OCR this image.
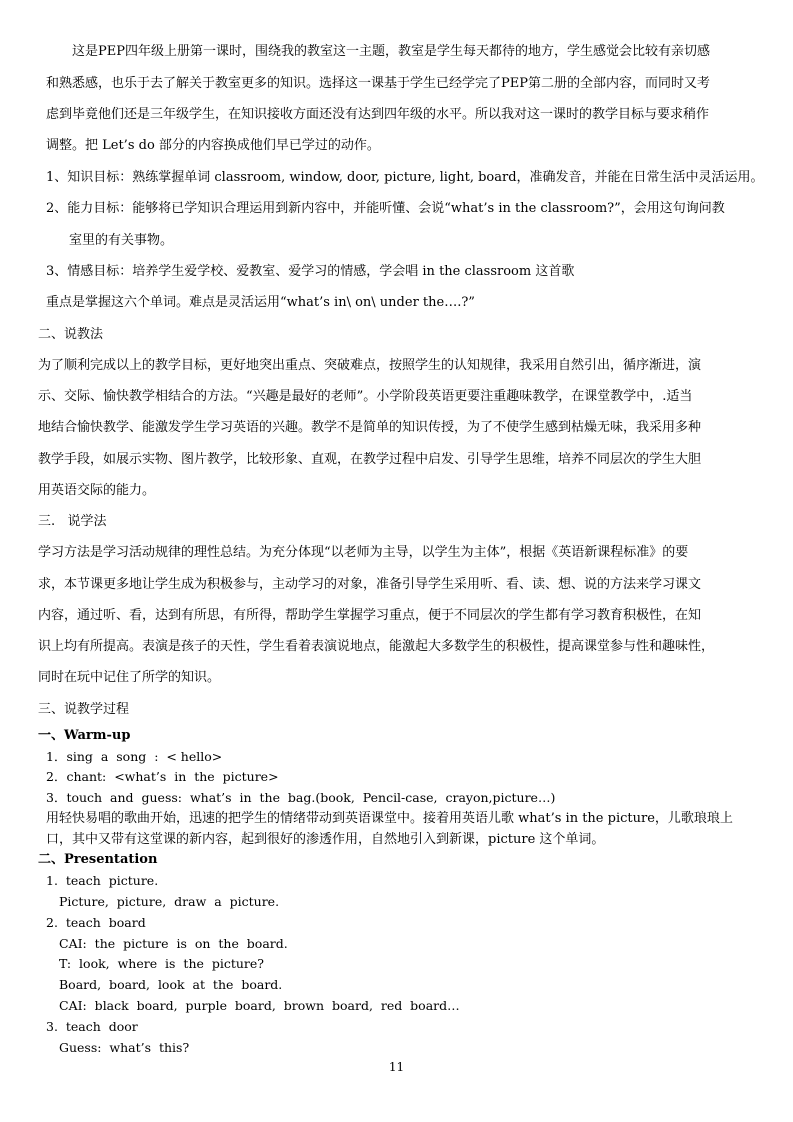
这是PEP四年级上册第一课时，围绕我的教室这一主题，教室是学生每天都待的地方，学生感觉会比较有亲切感
和熟悉感，也乐于去了解关于教室更多的知识。选择这一课基于学生已经学完了PEP第二册的全部内容，而同时又考
虑到毕竟他们还是三年级学生，在知识接收方面还没有达到四年级的水平。所以我对这一课时的教学目标与要求稍作
调整。把 Let’s do 部分的内容换成他们早已学过的动作。
1、知识目标：熟练掌握单词 classroom, window, door, picture, light, board，准确发音，并能在日常生活中灵活运用。
2、能力目标：能够将已学知识合理运用到新内容中，并能听懂、会说“what’s in the classroom?”，会用这句询问教
室里的有关事物。
3、情感目标：培养学生爱学校、爱教室、爱学习的情感，学会唱 in the classroom 这首歌
重点是掌握这六个单词。难点是灵活运用“what’s in\ on\ under the….?”
二、说教法
为了顺利完成以上的教学目标，更好地突出重点、突破难点，按照学生的认知规律，我采用自然引出，循序渐进，演
示、交际、愉快教学相结合的方法。“兴趣是最好的老师”。小学阶段英语更要注重趣味教学，在课堂教学中，.适当
地结合愉快教学、能激发学生学习英语的兴趣。教学不是简单的知识传授，为了不使学生感到枯燥无味，我采用多种
教学手段，如展示实物、图片教学，比较形象、直观，在教学过程中启发、引导学生思维，培养不同层次的学生大胆
用英语交际的能力。
三.   说学法
学习方法是学习活动规律的理性总结。为充分体现“以老师为主导，以学生为主体”，根据《英语新课程标准》的要
求，本节课更多地让学生成为积极参与，主动学习的对象，准备引导学生采用听、看、读、想、说的方法来学习课文
内容，通过听、看，达到有所思，有所得，帮助学生掌握学习重点，便于不同层次的学生都有学习教育积极性，在知
识上均有所提高。表演是孩子的天性，学生看着表演说地点，能激起大多数学生的积极性，提高课堂参与性和趣味性，
同时在玩中记住了所学的知识。
三、说教学过程
一、Warm-up
1．sing  a  song  :  < hello>
2．chant:  <what’s  in  the  picture>
3．touch  and  guess:  what’s  in  the  bag.(book,  Pencil-case,  crayon,picture…)
用轻快易唱的歌曲开始，迅速的把学生的情绪带动到英语课堂中。接着用英语儿歌 what’s in the picture，儿歌琅琅上
口，其中又带有这堂课的新内容，起到很好的渗透作用，自然地引入到新课，picture 这个单词。
二、Presentation
1.  teach  picture.
Picture,  picture,  draw  a  picture.
2.  teach  board
CAI:  the  picture  is  on  the  board.
T:  look,  where  is  the  picture?
Board,  board,  look  at  the  board.
CAI:  black  board,  purple  board,  brown  board,  red  board…
3.  teach  door
Guess:  what’s  this?
11
